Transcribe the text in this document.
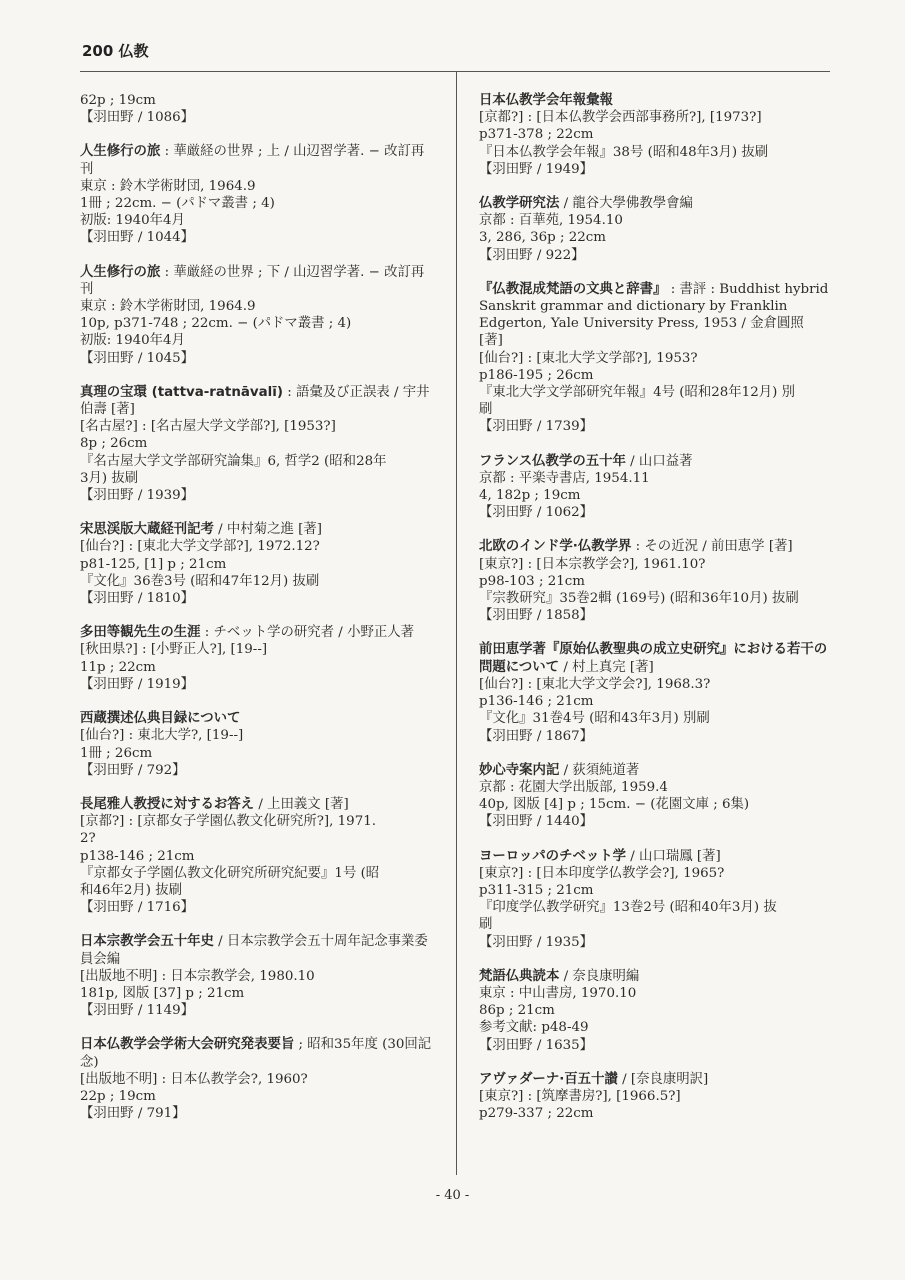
200 仏教
62p ; 19cm
【羽田野 / 1086】
人生修行の旅 : 華厳経の世界 ; 上 / 山辺習学著. − 改訂再刊
東京 : 鈴木学術財団, 1964.9
1冊 ; 22cm. − (パドマ叢書 ; 4)
初版: 1940年4月
【羽田野 / 1044】
人生修行の旅 : 華厳経の世界 ; 下 / 山辺習学著. − 改訂再刊
東京 : 鈴木学術財団, 1964.9
10p, p371-748 ; 22cm. − (パドマ叢書 ; 4)
初版: 1940年4月
【羽田野 / 1045】
真理の宝環 (tattva-ratnāvalī) : 語彙及び正誤表 / 宇井伯壽 [著]
[名古屋?] : [名古屋大学文学部?], [1953?]
8p ; 26cm
『名古屋大学文学部研究論集』6, 哲学2 (昭和28年
3月) 抜刷
【羽田野 / 1939】
宋思渓版大蔵経刊記考 / 中村菊之進 [著]
[仙台?] : [東北大学文学部?], 1972.12?
p81-125, [1] p ; 21cm
『文化』36巻3号 (昭和47年12月) 抜刷
【羽田野 / 1810】
多田等観先生の生涯 : チベット学の研究者 / 小野正人著
[秋田県?] : [小野正人?], [19--]
11p ; 22cm
【羽田野 / 1919】
西蔵撰述仏典目録について
[仙台?] : 東北大学?, [19--]
1冊 ; 26cm
【羽田野 / 792】
長尾雅人教授に対するお答え / 上田義文 [著]
[京都?] : [京都女子学園仏教文化研究所?], 1971.
2?
p138-146 ; 21cm
『京都女子学園仏教文化研究所研究紀要』1号 (昭
和46年2月) 抜刷
【羽田野 / 1716】
日本宗教学会五十年史 / 日本宗教学会五十周年記念事業委員会編
[出版地不明] : 日本宗教学会, 1980.10
181p, 図版 [37] p ; 21cm
【羽田野 / 1149】
日本仏教学会学術大会研究発表要旨 ; 昭和35年度 (30回記念)
[出版地不明] : 日本仏教学会?, 1960?
22p ; 19cm
【羽田野 / 791】
日本仏教学会年報彙報
[京都?] : [日本仏教学会西部事務所?], [1973?]
p371-378 ; 22cm
『日本仏教学会年報』38号 (昭和48年3月) 抜刷
【羽田野 / 1949】
仏教学研究法 / 龍谷大學佛教學會編
京都 : 百華苑, 1954.10
3, 286, 36p ; 22cm
【羽田野 / 922】
『仏教混成梵語の文典と辞書』 : 書評 : Buddhist hybrid Sanskrit grammar and dictionary by Franklin Edgerton, Yale University Press, 1953 / 金倉圓照 [著]
[仙台?] : [東北大学文学部?], 1953?
p186-195 ; 26cm
『東北大学文学部研究年報』4号 (昭和28年12月) 別
刷
【羽田野 / 1739】
フランス仏教学の五十年 / 山口益著
京都 : 平楽寺書店, 1954.11
4, 182p ; 19cm
【羽田野 / 1062】
北欧のインド学·仏教学界 : その近況 / 前田恵学 [著]
[東京?] : [日本宗教学会?], 1961.10?
p98-103 ; 21cm
『宗教研究』35巻2輯 (169号) (昭和36年10月) 抜刷
【羽田野 / 1858】
前田恵学著『原始仏教聖典の成立史研究』における若干の問題について / 村上真完 [著]
[仙台?] : [東北大学文学会?], 1968.3?
p136-146 ; 21cm
『文化』31巻4号 (昭和43年3月) 別刷
【羽田野 / 1867】
妙心寺案内記 / 荻須純道著
京都 : 花園大学出版部, 1959.4
40p, 図版 [4] p ; 15cm. − (花園文庫 ; 6集)
【羽田野 / 1440】
ヨーロッパのチベット学 / 山口瑞鳳 [著]
[東京?] : [日本印度学仏教学会?], 1965?
p311-315 ; 21cm
『印度学仏教学研究』13巻2号 (昭和40年3月) 抜
刷
【羽田野 / 1935】
梵語仏典読本 / 奈良康明編
東京 : 中山書房, 1970.10
86p ; 21cm
参考文献: p48-49
【羽田野 / 1635】
アヴァダーナ·百五十讃 / [奈良康明訳]
[東京?] : [筑摩書房?], [1966.5?]
p279-337 ; 22cm
- 40 -
